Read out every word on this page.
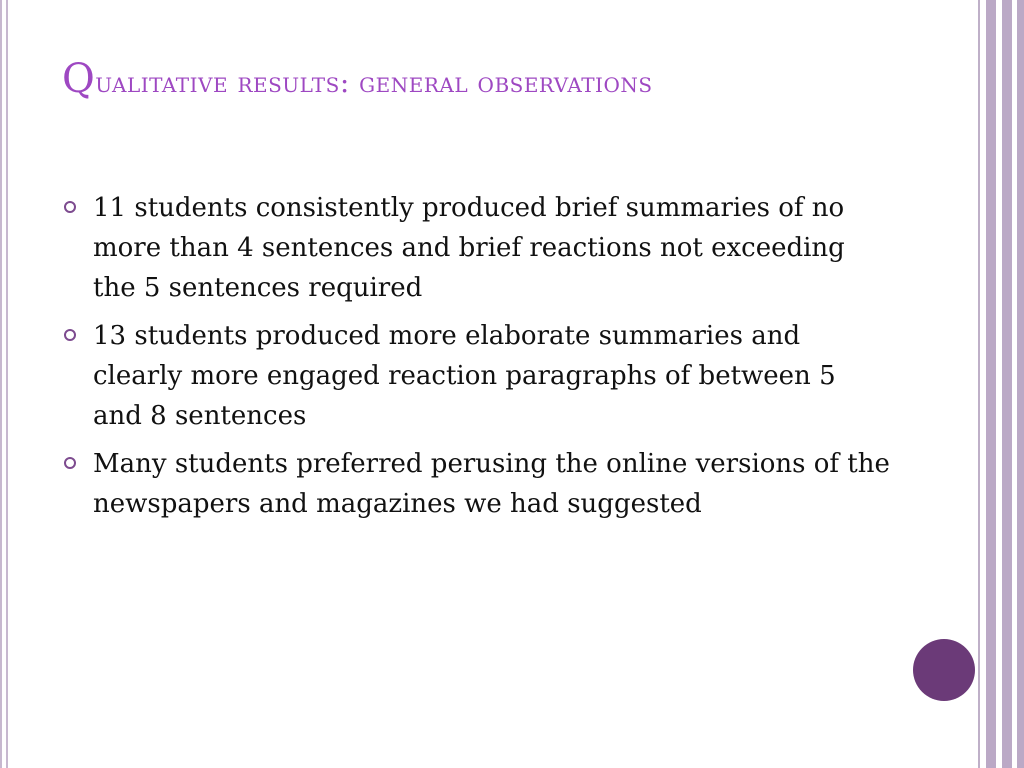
Qualitative results: general observations
11 students consistently produced brief summaries of no more than 4 sentences and brief reactions not exceeding the 5 sentences required
13 students produced more elaborate summaries and clearly more engaged reaction paragraphs of between 5 and 8 sentences
Many students preferred perusing the online versions of the newspapers and magazines we had suggested
